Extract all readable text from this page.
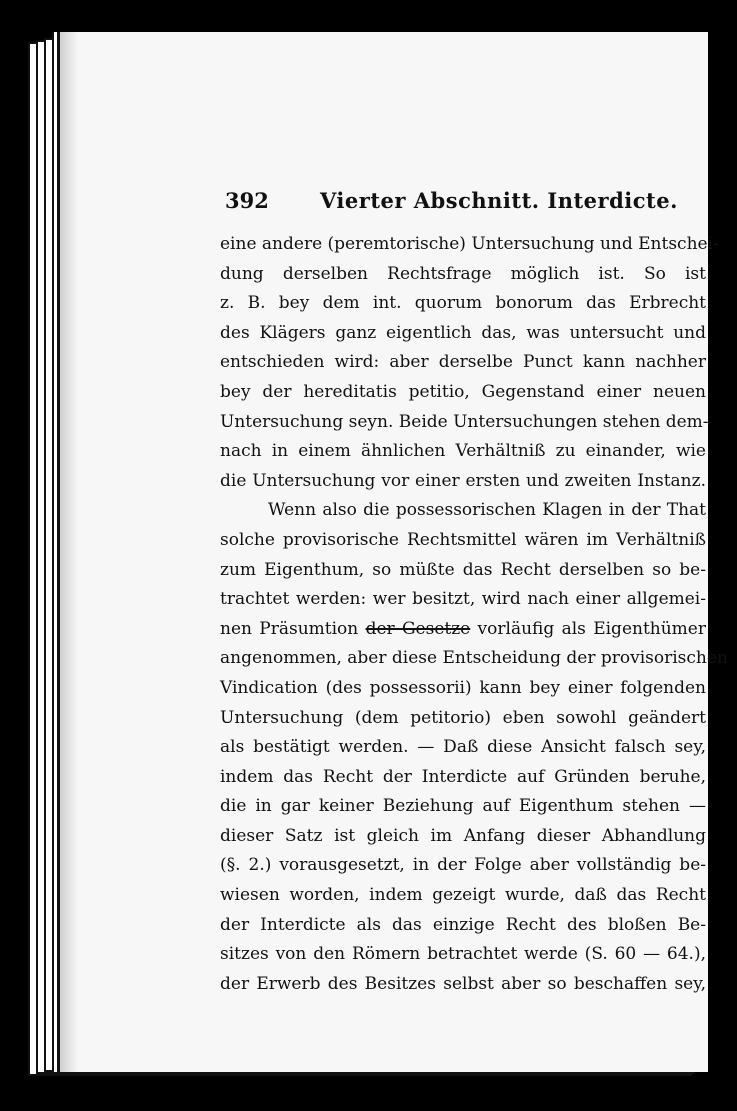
392 Vierter Abschnitt. Interdicte.
eine andere (peremtorische) Untersuchung und Entschei-
dung derselben Rechtsfrage möglich ist. So ist
z. B. bey dem int. quorum bonorum das Erbrecht
des Klägers ganz eigentlich das, was untersucht und
entschieden wird: aber derselbe Punct kann nachher
bey der hereditatis petitio, Gegenstand einer neuen
Untersuchung seyn. Beide Untersuchungen stehen dem-
nach in einem ähnlichen Verhältniß zu einander, wie
die Untersuchung vor einer ersten und zweiten Instanz.
Wenn also die possessorischen Klagen in der That
solche provisorische Rechtsmittel wären im Verhältniß
zum Eigenthum, so müßte das Recht derselben so be-
trachtet werden: wer besitzt, wird nach einer allgemei-
nen Präsumtion der Gesetze vorläufig als Eigenthümer
angenommen, aber diese Entscheidung der provisorischen
Vindication (des possessorii) kann bey einer folgenden
Untersuchung (dem petitorio) eben sowohl geändert
als bestätigt werden. — Daß diese Ansicht falsch sey,
indem das Recht der Interdicte auf Gründen beruhe,
die in gar keiner Beziehung auf Eigenthum stehen —
dieser Satz ist gleich im Anfang dieser Abhandlung
(§. 2.) vorausgesetzt, in der Folge aber vollständig be-
wiesen worden, indem gezeigt wurde, daß das Recht
der Interdicte als das einzige Recht des bloßen Be-
sitzes von den Römern betrachtet werde (S. 60 — 64.),
der Erwerb des Besitzes selbst aber so beschaffen sey,
